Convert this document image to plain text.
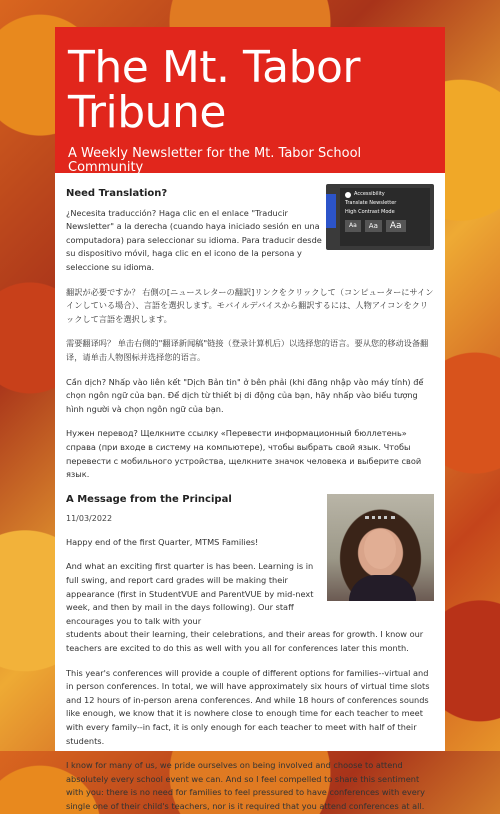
The Mt. Tabor
Tribune
A Weekly Newsletter for the Mt. Tabor School Community
Accessibility
Translate Newsletter
High Contrast Mode
Aa	Aa	Aa
Need Translation?

¿Necesita traducción? Haga clic en el enlace "Traducir Newsletter" a la derecha (cuando haya iniciado sesión en una computadora) para seleccionar su idioma. Para traducir desde su dispositivo móvil, haga clic en el icono de la persona y seleccione su idioma.

翻訳が必要ですか？ 右側の[ニュースレターの翻訳]リンクをクリックして（コンピューターにサインインしている場合）、言語を選択します。モバイルデバイスから翻訳するには、人物アイコンをクリックして言語を選択します。

需要翻译吗？ 单击右侧的"翻译新闻稿"链接（登录计算机后）以选择您的语言。要从您的移动设备翻译，请单击人物图标并选择您的语言。

Cần dịch? Nhấp vào liên kết "Dịch Bản tin" ở bên phải (khi đăng nhập vào máy tính) để chọn ngôn ngữ của bạn. Để dịch từ thiết bị di động của bạn, hãy nhấp vào biểu tượng hình người và chọn ngôn ngữ của bạn.

Нужен перевод? Щелкните ссылку «Перевести информационный бюллетень» справа (при входе в систему на компьютере), чтобы выбрать свой язык. Чтобы перевести с мобильного устройства, щелкните значок человека и выберите свой язык.

A Message from the Principal
11/03/2022

Happy end of the first Quarter, MTMS Families!

And what an exciting first quarter is has been. Learning is in full swing, and report card grades will be making their appearance (first in StudentVUE and ParentVUE by mid-next week, and then by mail in the days following). Our staff encourages you to talk with your

students about their learning, their celebrations, and their areas for growth. I know our teachers are excited to do this as well with you all for conferences later this month.

This year's conferences will provide a couple of different options for families--virtual and in person conferences. In total, we will have approximately six hours of virtual time slots and 12 hours of in-person arena conferences. And while 18 hours of conferences sounds like enough, we know that it is nowhere close to enough time for each teacher to meet with every family--in fact, it is only enough for each teacher to meet with half of their students.

I know for many of us, we pride ourselves on being involved and choose to attend absolutely every school event we can. And so I feel compelled to share this sentiment with you: there is no need for families to feel pressured to have conferences with every single one of their child's teachers, nor is it required that you attend conferences at all.
